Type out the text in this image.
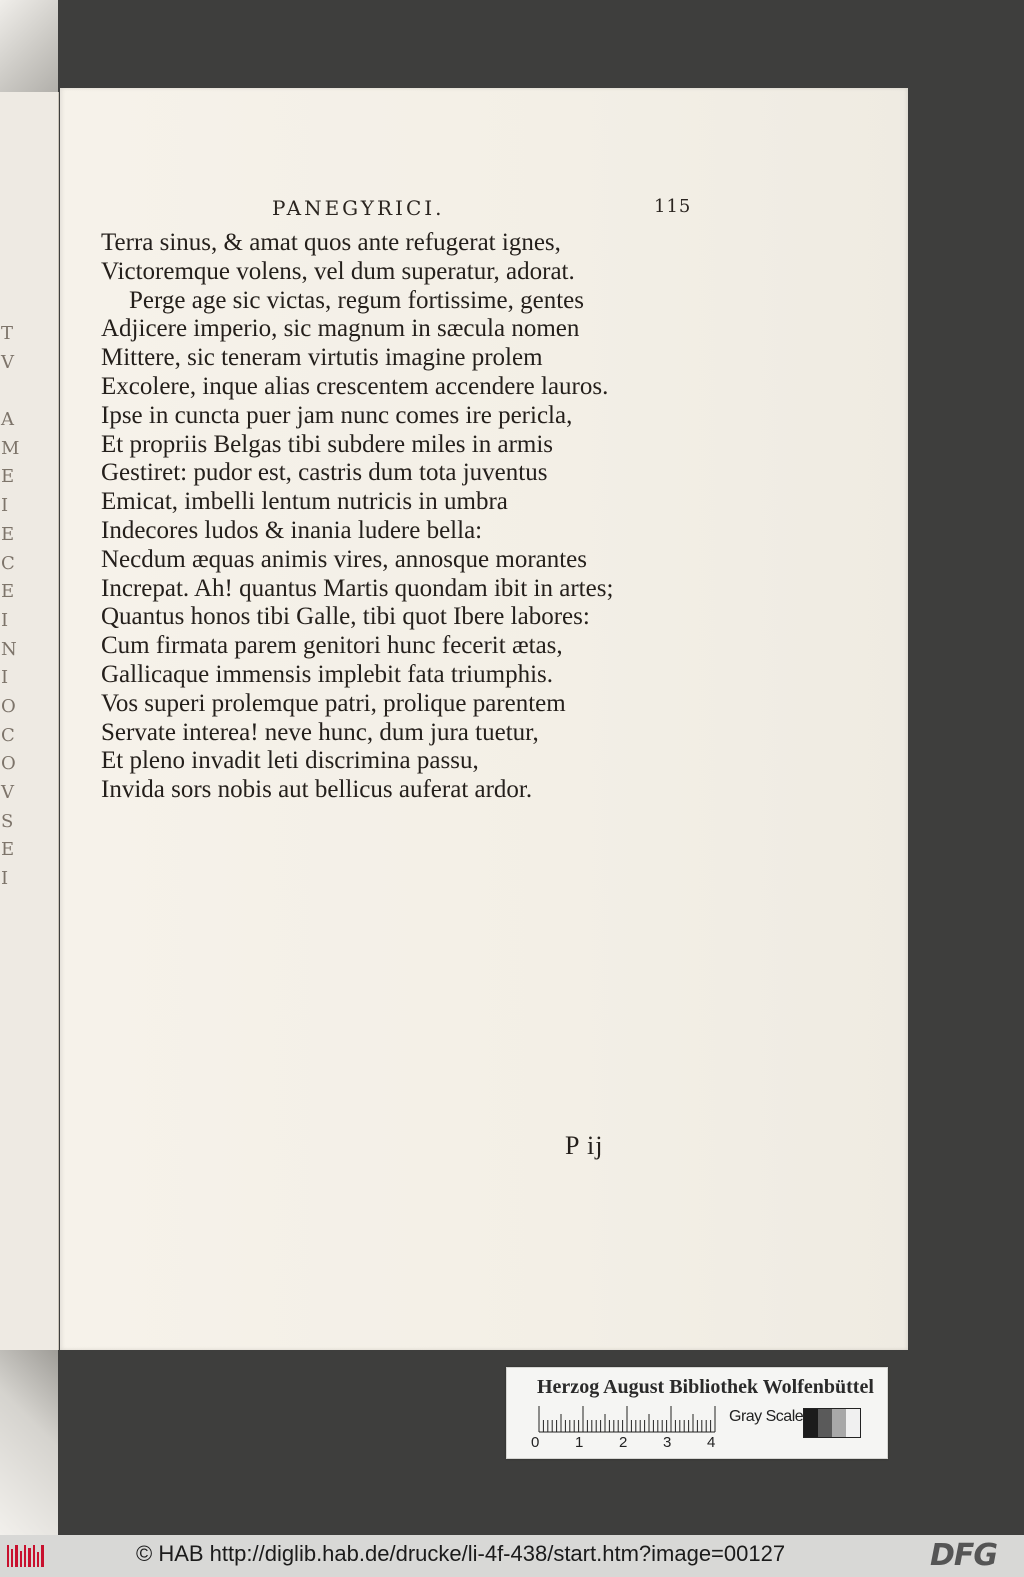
T
V
A
M
E
I
E
C
E
I
N
I
O
C
O
V
S
E
I
PANEGYRICI.	115
Terra sinus, & amat quos ante refugerat ignes,
Victoremque volens, vel dum superatur, adorat.
Perge age sic victas, regum fortissime, gentes
Adjicere imperio, sic magnum in sæcula nomen
Mittere, sic teneram virtutis imagine prolem
Excolere, inque alias crescentem accendere lauros.
Ipse in cuncta puer jam nunc comes ire pericla,
Et propriis Belgas tibi subdere miles in armis
Gestiret: pudor est, castris dum tota juventus
Emicat, imbelli lentum nutricis in umbra
Indecores ludos & inania ludere bella:
Necdum æquas animis vires, annosque morantes
Increpat. Ah! quantus Martis quondam ibit in artes;
Quantus honos tibi Galle, tibi quot Ibere labores:
Cum firmata parem genitori hunc fecerit ætas,
Gallicaque immensis implebit fata triumphis.
Vos superi prolemque patri, prolique parentem
Servate interea! neve hunc, dum jura tuetur,
Et pleno invadit leti discrimina passu,
Invida sors nobis aut bellicus auferat ardor.
P ij
Herzog August Bibliothek Wolfenbüttel
0 1 2 3 4
Gray Scale
© HAB http://diglib.hab.de/drucke/li-4f-438/start.htm?image=00127	DFG
